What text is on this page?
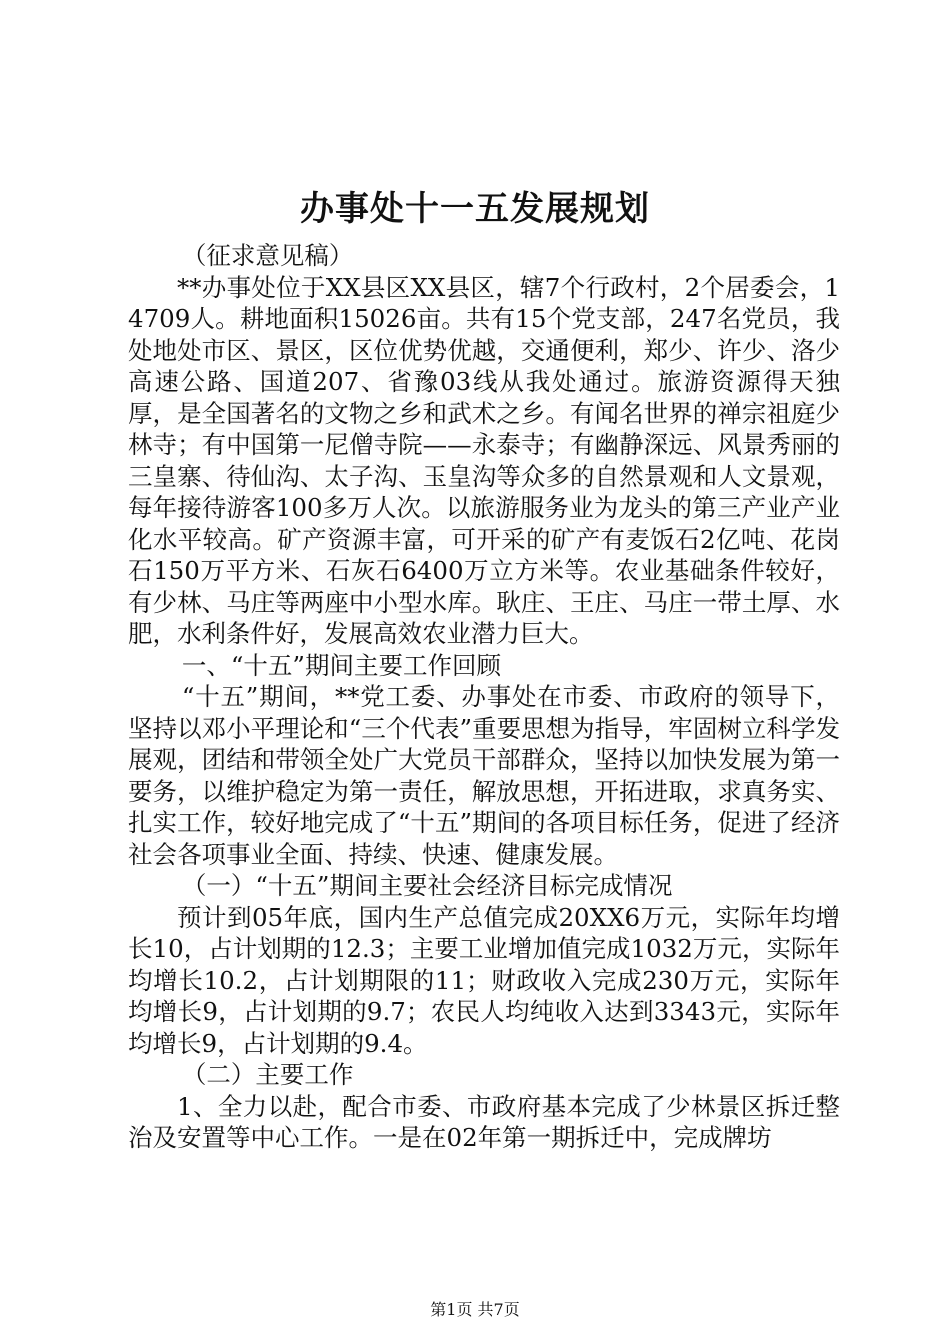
办事处十一五发展规划

（征求意见稿）

**办事处位于XX县区XX县区，辖7个行政村，2个居委会，14709人。耕地面积15026亩。共有15个党支部，247名党员，我处地处市区、景区，区位优势优越，交通便利，郑少、许少、洛少高速公路、国道207、省豫03线从我处通过。旅游资源得天独厚，是全国著名的文物之乡和武术之乡。有闻名世界的禅宗祖庭少林寺；有中国第一尼僧寺院——永泰寺；有幽静深远、风景秀丽的三皇寨、待仙沟、太子沟、玉皇沟等众多的自然景观和人文景观，每年接待游客100多万人次。以旅游服务业为龙头的第三产业产业化水平较高。矿产资源丰富，可开采的矿产有麦饭石2亿吨、花岗石150万平方米、石灰石6400万立方米等。农业基础条件较好，有少林、马庄等两座中小型水库。耿庄、王庄、马庄一带土厚、水肥，水利条件好，发展高效农业潜力巨大。

一、“十五”期间主要工作回顾

“十五”期间，**党工委、办事处在市委、市政府的领导下，坚持以邓小平理论和“三个代表”重要思想为指导，牢固树立科学发展观，团结和带领全处广大党员干部群众，坚持以加快发展为第一要务，以维护稳定为第一责任，解放思想，开拓进取，求真务实、扎实工作，较好地完成了“十五”期间的各项目标任务，促进了经济社会各项事业全面、持续、快速、健康发展。

（一）“十五”期间主要社会经济目标完成情况

预计到05年底，国内生产总值完成20XX6万元，实际年均增长10，占计划期的12.3；主要工业增加值完成1032万元，实际年均增长10.2，占计划期限的11；财政收入完成230万元，实际年均增长9，占计划期的9.7；农民人均纯收入达到3343元，实际年均增长9，占计划期的9.4。

（二）主要工作

1、全力以赴，配合市委、市政府基本完成了少林景区拆迁整治及安置等中心工作。一是在02年第一期拆迁中，完成牌坊

第1页 共7页
